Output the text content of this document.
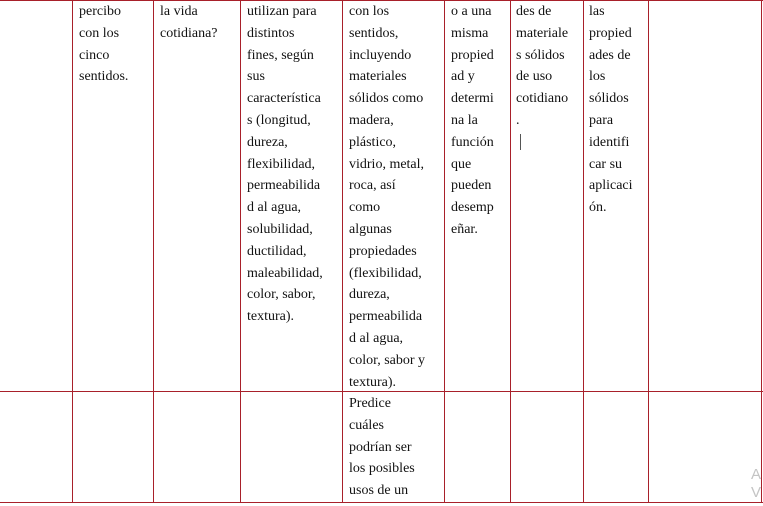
percibo
con los
cinco
sentidos.
la vida
cotidiana?
utilizan para
distintos
fines, según
sus
característica
s (longitud,
dureza,
flexibilidad,
permeabilida
d al agua,
solubilidad,
ductilidad,
maleabilidad,
color, sabor,
textura).
con los
sentidos,
incluyendo
materiales
sólidos como
madera,
plástico,
vidrio, metal,
roca, así
como
algunas
propiedades
(flexibilidad,
dureza,
permeabilida
d al agua,
color, sabor y
textura).
o a una
misma
propied
ad y
determi
na la
función
que
pueden
desemp
eñar.
des de
materiale
s sólidos
de uso
cotidiano
.
las
propied
ades de
los
sólidos
para
identifi
car su
aplicaci
ón.
Predice
cuáles
podrían ser
los posibles
usos de un
A
V
